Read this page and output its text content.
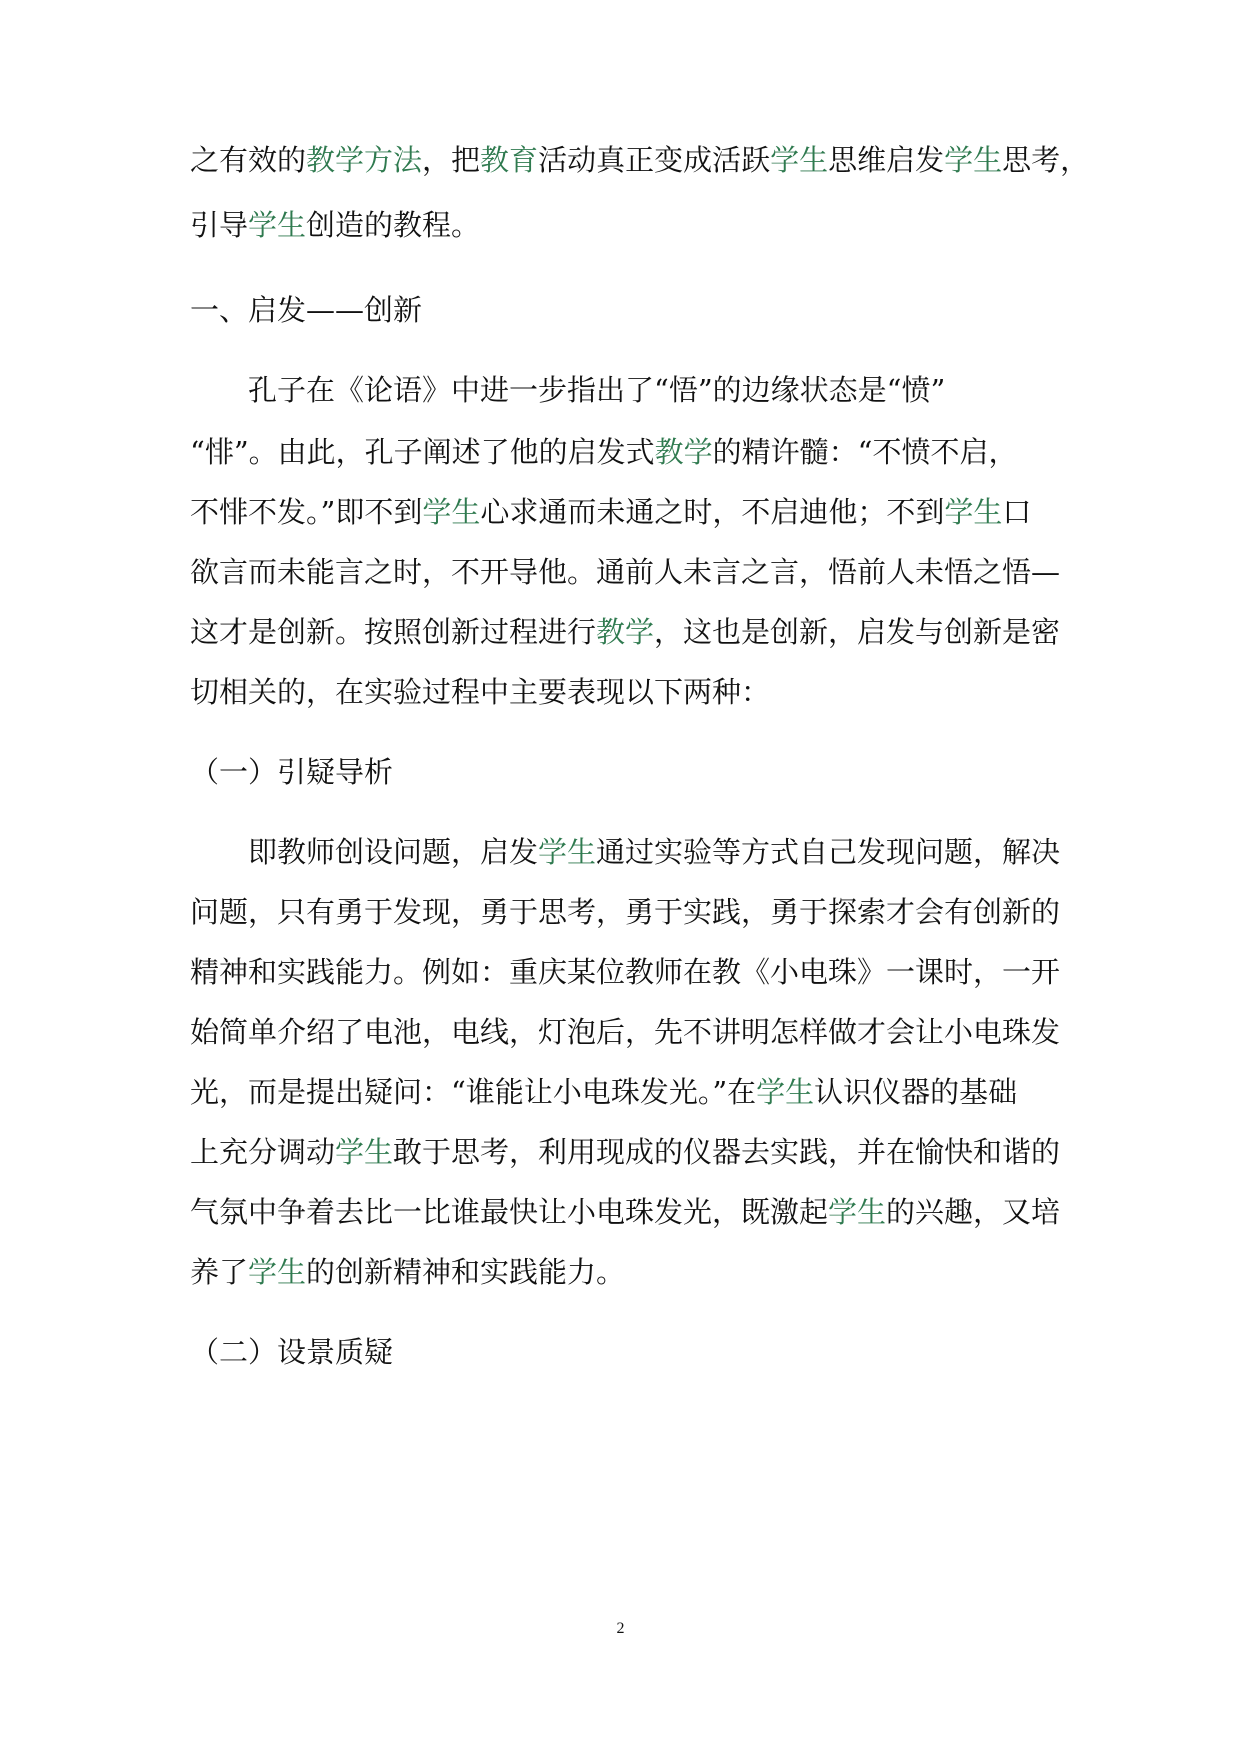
之有效的教学方法，把教育活动真正变成活跃学生思维启发学生思考，
引导学生创造的教程。
一、启发——创新
　　孔子在《论语》中进一步指出了“悟”的边缘状态是“愤”
“悱”。由此，孔子阐述了他的启发式教学的精许髓：“不愤不启，
不悱不发。”即不到学生心求通而未通之时，不启迪他；不到学生口
欲言而未能言之时，不开导他。通前人未言之言，悟前人未悟之悟—
这才是创新。按照创新过程进行教学，这也是创新，启发与创新是密
切相关的，在实验过程中主要表现以下两种：
（一）引疑导析
　　即教师创设问题，启发学生通过实验等方式自己发现问题，解决
问题，只有勇于发现，勇于思考，勇于实践，勇于探索才会有创新的
精神和实践能力。例如：重庆某位教师在教《小电珠》一课时，一开
始简单介绍了电池，电线，灯泡后，先不讲明怎样做才会让小电珠发
光，而是提出疑问：“谁能让小电珠发光。”在学生认识仪器的基础
上充分调动学生敢于思考，利用现成的仪器去实践，并在愉快和谐的
气氛中争着去比一比谁最快让小电珠发光，既激起学生的兴趣，又培
养了学生的创新精神和实践能力。
（二）设景质疑
2
